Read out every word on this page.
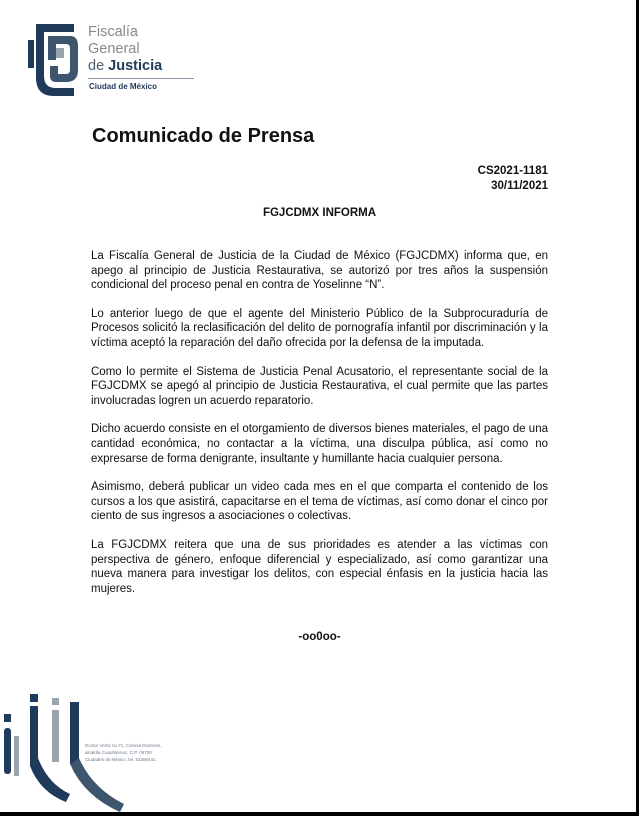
Fiscalía
General
de Justicia
Ciudad de México
Comunicado de Prensa
CS2021-1181
30/11/2021
FGJCDMX INFORMA

La Fiscalía General de Justicia de la Ciudad de México (FGJCDMX) informa que, en apego al principio de Justicia Restaurativa, se autorizó por tres años la suspensión condicional del proceso penal en contra de Yoselinne “N”.

Lo anterior luego de que el agente del Ministerio Público de la Subprocuraduría de Procesos solicitó la reclasificación del delito de pornografía infantil por discriminación y la víctima aceptó la reparación del daño ofrecida por la defensa de la imputada.

Como lo permite el Sistema de Justicia Penal Acusatorio, el representante social de la FGJCDMX se apegó al principio de Justicia Restaurativa, el cual permite que las partes involucradas logren un acuerdo reparatorio.

Dicho acuerdo consiste en el otorgamiento de diversos bienes materiales, el pago de una cantidad económica, no contactar a la víctima, una disculpa pública, así como no expresarse de forma denigrante, insultante y humillante hacia cualquier persona.

Asimismo, deberá publicar un video cada mes en el que comparta el contenido de los cursos a los que asistirá, capacitarse en el tema de víctimas, así como donar el cinco por ciento de sus ingresos a asociaciones o colectivas.

La FGJCDMX reitera que una de sus prioridades es atender a las víctimas con perspectiva de género, enfoque diferencial y especializado, así como garantizar una nueva manera para investigar los delitos, con especial énfasis en la justicia hacia las mujeres.

-oo0oo-
Doctor Vertiz no.71, Colonia Doctores,
alcaldía Cuauhtémoc, C.P. 06720
Ciudades de México, tel. 53455441
